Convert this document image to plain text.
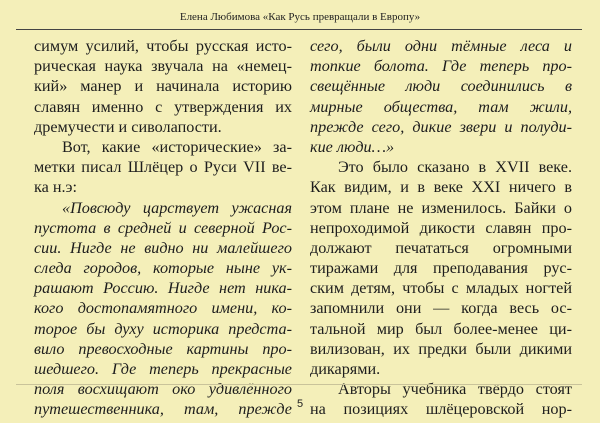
Елена Любимова «Как Русь превращали в Европу»
симум усилий, чтобы русская исто-
рическая наука звучала на «немец-
кий» манер и начинала историю
славян именно с утверждения их
дремучести и сиволапости.
Вот, какие «исторические» за-
метки писал Шлёцер о Руси VII ве-
ка н.э:
«Повсюду царствует ужасная
пустота в средней и северной Рос-
сии. Нигде не видно ни малейшего
следа городов, которые ныне ук-
рашают Россию. Нигде нет ника-
кого достопамятного имени, ко-
торое бы духу историка предста-
вило превосходные картины про-
шедшего. Где теперь прекрасные
поля восхищают око удивлённого
путешественника, там, прежде
сего, были одни тёмные леса и
топкие болота. Где теперь про-
свещённые люди соединились в
мирные общества, там жили,
прежде сего, дикие звери и полуди-
кие люди…»
Это было сказано в XVII веке.
Как видим, и в веке XXI ничего в
этом плане не изменилось. Байки о
непроходимой дикости славян про-
должают печататься огромными
тиражами для преподавания рус-
ским детям, чтобы с младых ногтей
запомнили они — когда весь ос-
тальной мир был более-менее ци-
вилизован, их предки были дикими
дикарями.
Авторы учебника твёрдо стоят
на позициях шлёцеровской нор-
5
